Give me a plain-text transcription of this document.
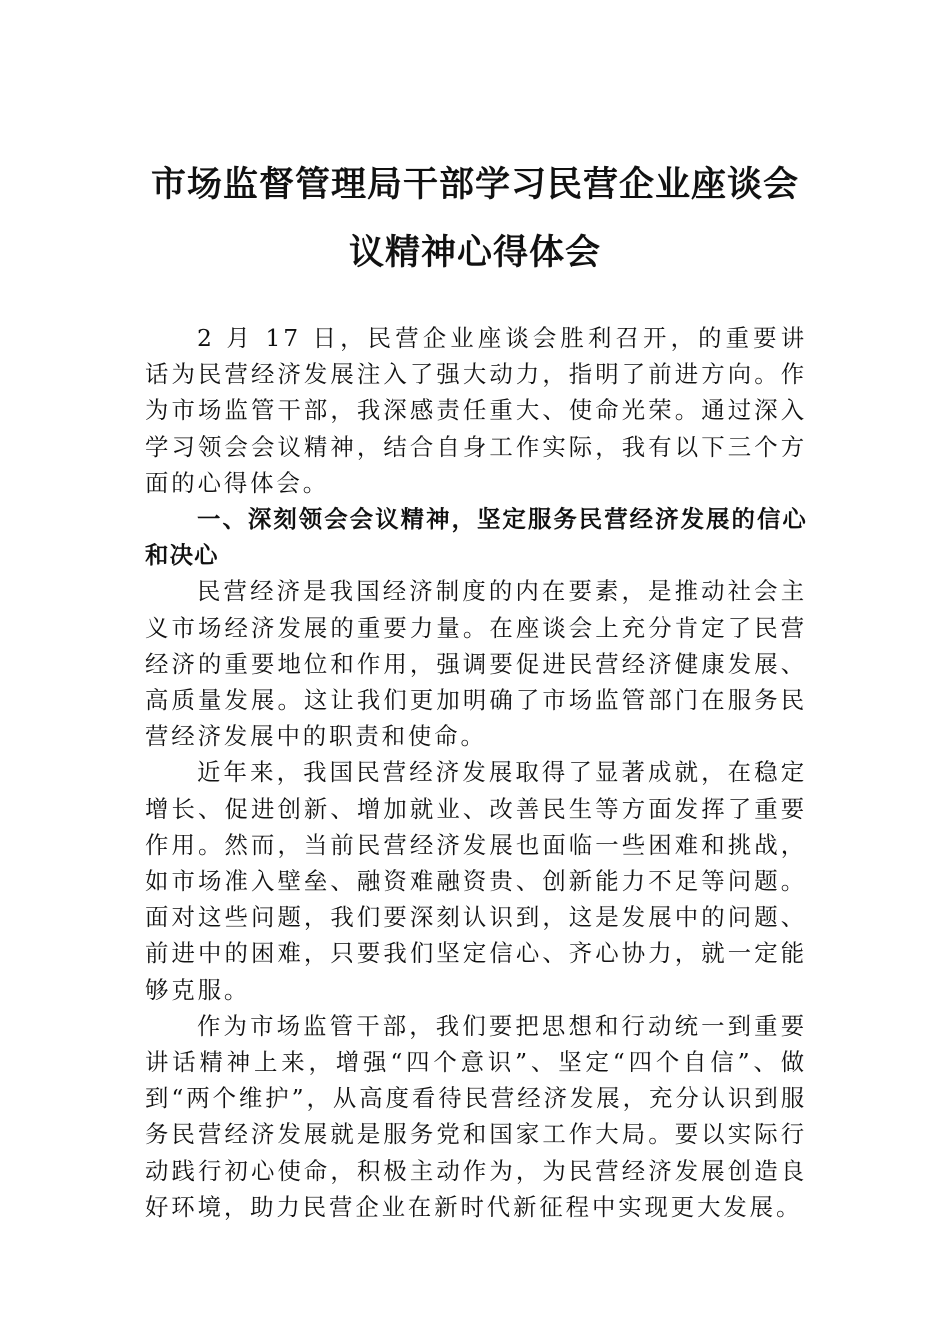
市场监督管理局干部学习民营企业座谈会
议精神心得体会

2 月 17 日，民营企业座谈会胜利召开，的重要讲话为民营经济发展注入了强大动力，指明了前进方向。作为市场监管干部，我深感责任重大、使命光荣。通过深入学习领会会议精神，结合自身工作实际，我有以下三个方面的心得体会。

一、深刻领会会议精神，坚定服务民营经济发展的信心和决心

民营经济是我国经济制度的内在要素，是推动社会主义市场经济发展的重要力量。在座谈会上充分肯定了民营经济的重要地位和作用，强调要促进民营经济健康发展、高质量发展。这让我们更加明确了市场监管部门在服务民营经济发展中的职责和使命。

近年来，我国民营经济发展取得了显著成就，在稳定增长、促进创新、增加就业、改善民生等方面发挥了重要作用。然而，当前民营经济发展也面临一些困难和挑战，如市场准入壁垒、融资难融资贵、创新能力不足等问题。面对这些问题，我们要深刻认识到，这是发展中的问题、前进中的困难，只要我们坚定信心、齐心协力，就一定能够克服。

作为市场监管干部，我们要把思想和行动统一到重要讲话精神上来，增强“四个意识”、坚定“四个自信”、做到“两个维护”，从高度看待民营经济发展，充分认识到服务民营经济发展就是服务党和国家工作大局。要以实际行动践行初心使命，积极主动作为，为民营经济发展创造良好环境，助力民营企业在新时代新征程中实现更大发展。
